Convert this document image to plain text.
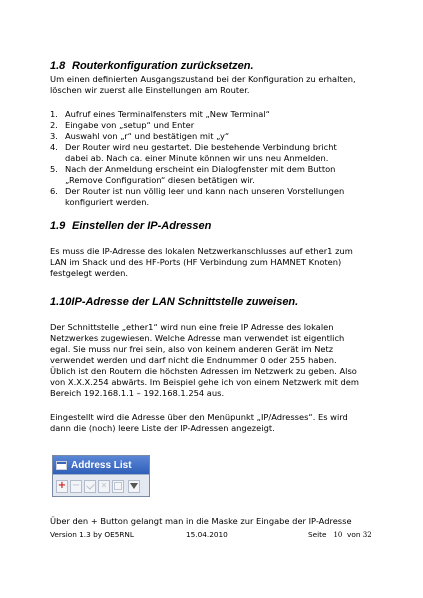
1.8 Routerkonfiguration zurücksetzen.
Um einen definierten Ausgangszustand bei der Konfiguration zu erhalten,
löschen wir zuerst alle Einstellungen am Router.
1. Aufruf eines Terminalfensters mit „New Terminal“
2. Eingabe von „setup“ und Enter
3. Auswahl von „r“ und bestätigen mit „y“
4. Der Router wird neu gestartet. Die bestehende Verbindung bricht
dabei ab. Nach ca. einer Minute können wir uns neu Anmelden.
5. Nach der Anmeldung erscheint ein Dialogfenster mit dem Button
„Remove Configuration“ diesen betätigen wir.
6. Der Router ist nun völlig leer und kann nach unseren Vorstellungen
konfiguriert werden.
1.9 Einstellen der IP-Adressen
Es muss die IP-Adresse des lokalen Netzwerkanschlusses auf ether1 zum
LAN im Shack und des HF-Ports (HF Verbindung zum HAMNET Knoten)
festgelegt werden.
1.10IP-Adresse der LAN Schnittstelle zuweisen.
Der Schnittstelle „ether1“ wird nun eine freie IP Adresse des lokalen
Netzwerkes zugewiesen. Welche Adresse man verwendet ist eigentlich
egal. Sie muss nur frei sein, also von keinem anderen Gerät im Netz
verwendet werden und darf nicht die Endnummer 0 oder 255 haben.
Üblich ist den Routern die höchsten Adressen im Netzwerk zu geben. Also
von X.X.X.254 abwärts. Im Beispiel gehe ich von einem Netzwerk mit dem
Bereich 192.168.1.1 – 192.168.1.254 aus.
Eingestellt wird die Adresse über den Menüpunkt „IP/Adresses“. Es wird
dann die (noch) leere Liste der IP-Adressen angezeigt.
Address List
+ −	✕
Über den + Button gelangt man in die Maske zur Eingabe der IP-Adresse
Version 1.3 by OE5RNL	15.04.2010	Seite 10 von 32
